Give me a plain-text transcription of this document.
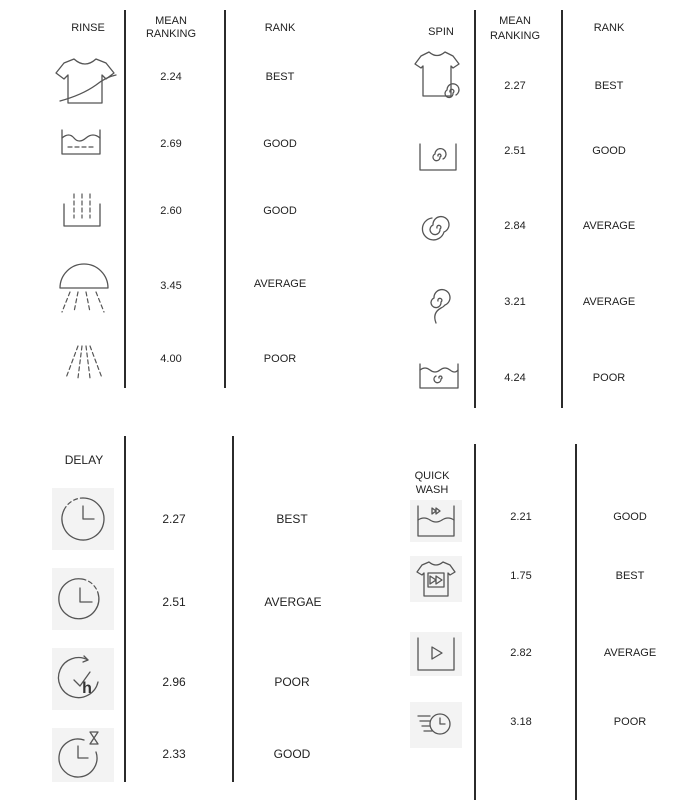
RINSE
MEAN
RANKING	RANK
2.24	BEST
2.69	GOOD
2.60	GOOD
3.45	AVERAGE
4.00	POOR
SPIN
MEAN
RANKING
RANK
2.27	BEST
2.51	GOOD
2.84	AVERAGE
3.21	AVERAGE
4.24	POOR
DELAY
2.27	BEST
2.51	AVERGAE
h	2.96	POOR
2.33	GOOD
QUICK
WASH
2.21	GOOD
1.75	BEST
2.82	AVERAGE
3.18	POOR
